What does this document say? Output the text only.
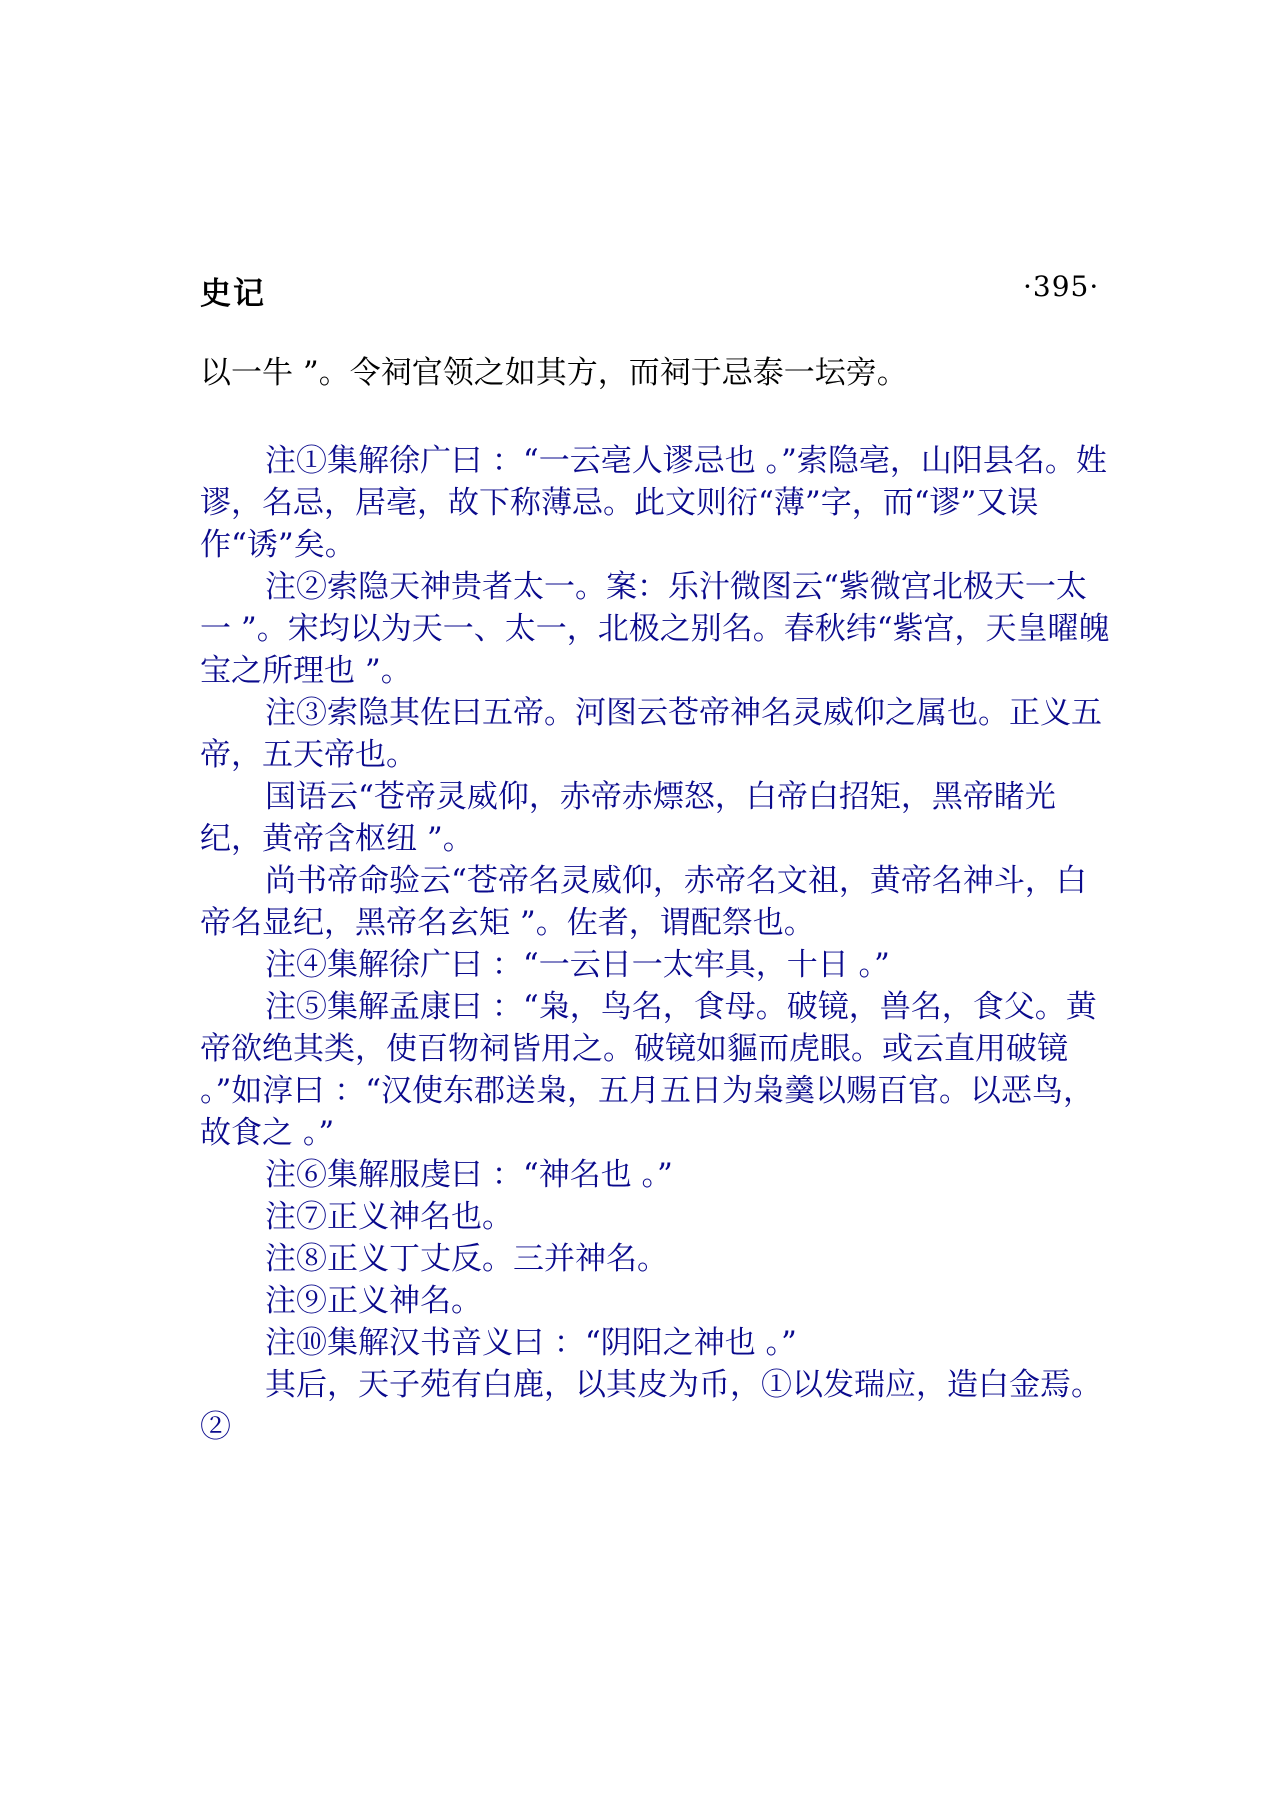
史记	·395·
以一牛 ”。令祠官领之如其方，而祠于忌泰一坛旁。

注①集解徐广曰 ：“一云亳人谬忌也 。”索隐亳，山阳县名。姓谬，名忌，居亳，故下称薄忌。此文则衍“薄”字，而“谬”又误作“诱”矣。

注②索隐天神贵者太一。案：乐汁微图云“紫微宫北极天一太一 ”。宋均以为天一、太一，北极之别名。春秋纬“紫宫，天皇曜魄宝之所理也 ”。

注③索隐其佐曰五帝。河图云苍帝神名灵威仰之属也。正义五帝，五天帝也。

国语云“苍帝灵威仰，赤帝赤熛怒，白帝白招矩，黑帝睹光纪，黄帝含枢纽 ”。

尚书帝命验云“苍帝名灵威仰，赤帝名文祖，黄帝名神斗，白帝名显纪，黑帝名玄矩 ”。佐者，谓配祭也。

注④集解徐广曰 ：“一云日一太牢具，十日 。”

注⑤集解孟康曰 ：“枭，鸟名，食母。破镜，兽名，食父。黄帝欲绝其类，使百物祠皆用之。破镜如貙而虎眼。或云直用破镜 。”如淳曰 ：“汉使东郡送枭，五月五日为枭羹以赐百官。以恶鸟，故食之 。”

注⑥集解服虔曰 ：“神名也 。”

注⑦正义神名也。

注⑧正义丁丈反。三并神名。

注⑨正义神名。

注⑩集解汉书音义曰 ：“阴阳之神也 。”

其后，天子苑有白鹿，以其皮为币，①以发瑞应，造白金焉。②
